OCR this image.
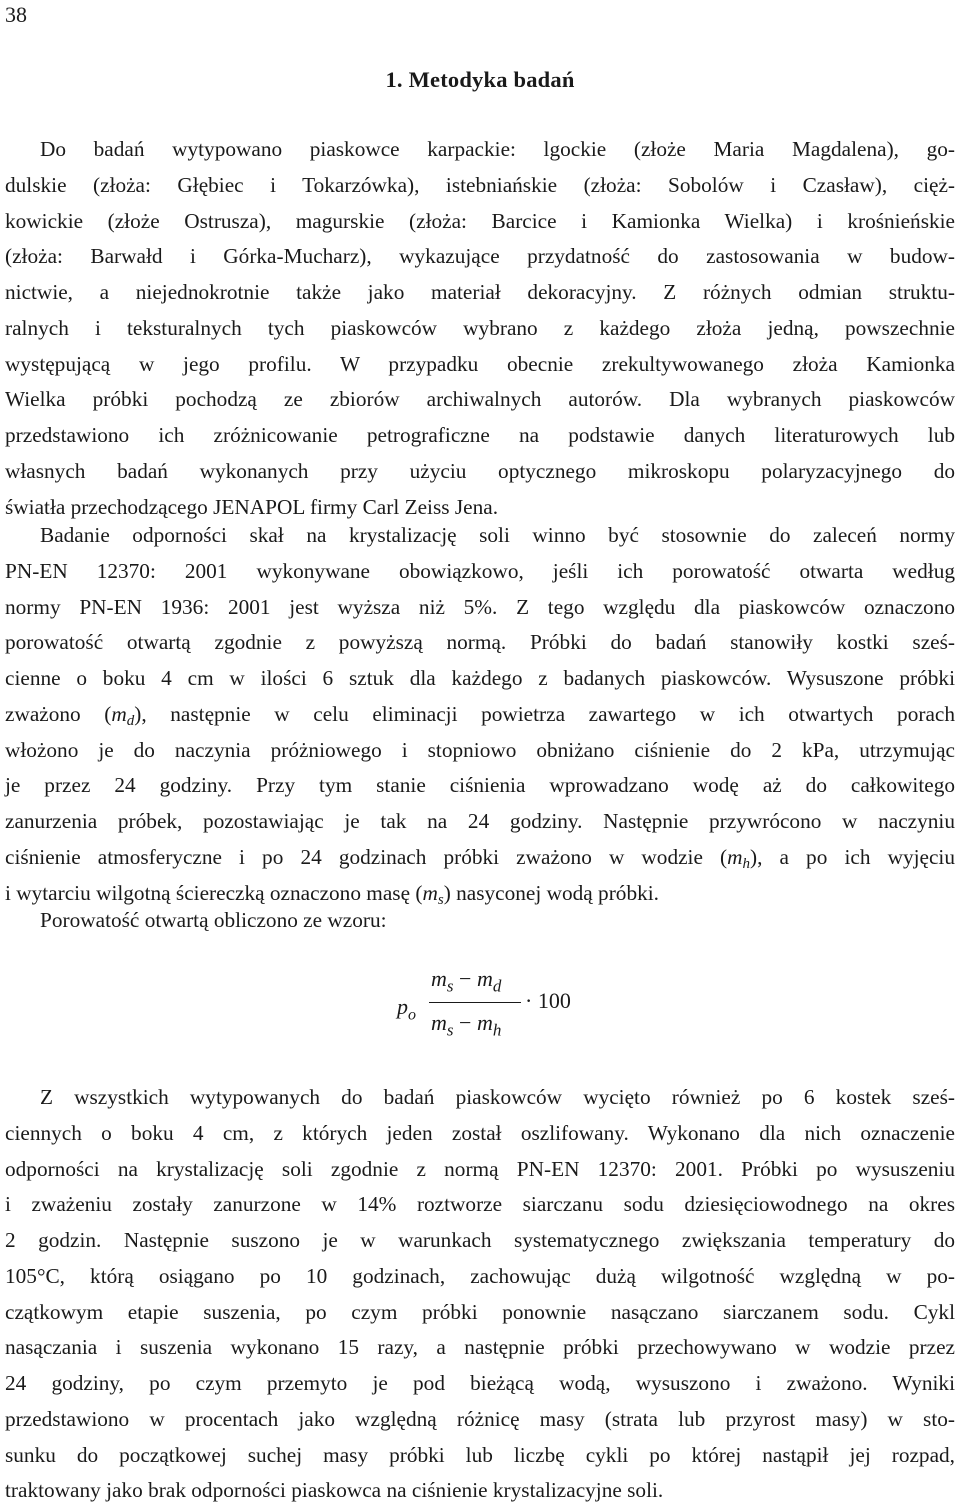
38
1. Metodyka badań
Do badań wytypowano piaskowce karpackie: lgockie (złoże Maria Magdalena), go-
dulskie (złoża: Głębiec i Tokarzówka), istebniańskie (złoża: Sobolów i Czasław), cięż-
kowickie (złoże Ostrusza), magurskie (złoża: Barcice i Kamionka Wielka) i krośnieńskie
(złoża: Barwałd i Górka-Mucharz), wykazujące przydatność do zastosowania w budow-
nictwie, a niejednokrotnie także jako materiał dekoracyjny. Z różnych odmian struktu-
ralnych i teksturalnych tych piaskowców wybrano z każdego złoża jedną, powszechnie
występującą w jego profilu. W przypadku obecnie zrekultywowanego złoża Kamionka
Wielka próbki pochodzą ze zbiorów archiwalnych autorów. Dla wybranych piaskowców
przedstawiono ich zróżnicowanie petrograficzne na podstawie danych literaturowych lub
własnych badań wykonanych przy użyciu optycznego mikroskopu polaryzacyjnego do
światła przechodzącego JENAPOL firmy Carl Zeiss Jena.
Badanie odporności skał na krystalizację soli winno być stosownie do zaleceń normy
PN-EN 12370: 2001 wykonywane obowiązkowo, jeśli ich porowatość otwarta według
normy PN-EN 1936: 2001 jest wyższa niż 5%. Z tego względu dla piaskowców oznaczono
porowatość otwartą zgodnie z powyższą normą. Próbki do badań stanowiły kostki sześ-
cienne o boku 4 cm w ilości 6 sztuk dla każdego z badanych piaskowców. Wysuszone próbki
zważono $(m_d)$, następnie w celu eliminacji powietrza zawartego w ich otwartych porach
włożono je do naczynia próżniowego i stopniowo obniżano ciśnienie do 2 kPa, utrzymując
je przez 24 godziny. Przy tym stanie ciśnienia wprowadzano wodę aż do całkowitego
zanurzenia próbek, pozostawiając je tak na 24 godziny. Następnie przywrócono w naczyniu
ciśnienie atmosferyczne i po 24 godzinach próbki zważono w wodzie $(m_h)$, a po ich wyjęciu
i wytarciu wilgotną ściereczką oznaczono masę $(m_s)$ nasyconej wodą próbki.
Porowatość otwartą obliczono ze wzoru:
$p_o$
$m_s - m_d$
$m_s - m_h$
· 100
Z wszystkich wytypowanych do badań piaskowców wycięto również po 6 kostek sześ-
ciennych o boku 4 cm, z których jeden został oszlifowany. Wykonano dla nich oznaczenie
odporności na krystalizację soli zgodnie z normą PN-EN 12370: 2001. Próbki po wysuszeniu
i zważeniu zostały zanurzone w 14% roztworze siarczanu sodu dziesięciowodnego na okres
2 godzin. Następnie suszono je w warunkach systematycznego zwiększania temperatury do
105°C, którą osiągano po 10 godzinach, zachowując dużą wilgotność względną w po-
czątkowym etapie suszenia, po czym próbki ponownie nasączano siarczanem sodu. Cykl
nasączania i suszenia wykonano 15 razy, a następnie próbki przechowywano w wodzie przez
24 godziny, po czym przemyto je pod bieżącą wodą, wysuszono i zważono. Wyniki
przedstawiono w procentach jako względną różnicę masy (strata lub przyrost masy) w sto-
sunku do początkowej suchej masy próbki lub liczbę cykli po której nastąpił jej rozpad,
traktowany jako brak odporności piaskowca na ciśnienie krystalizacyjne soli.
